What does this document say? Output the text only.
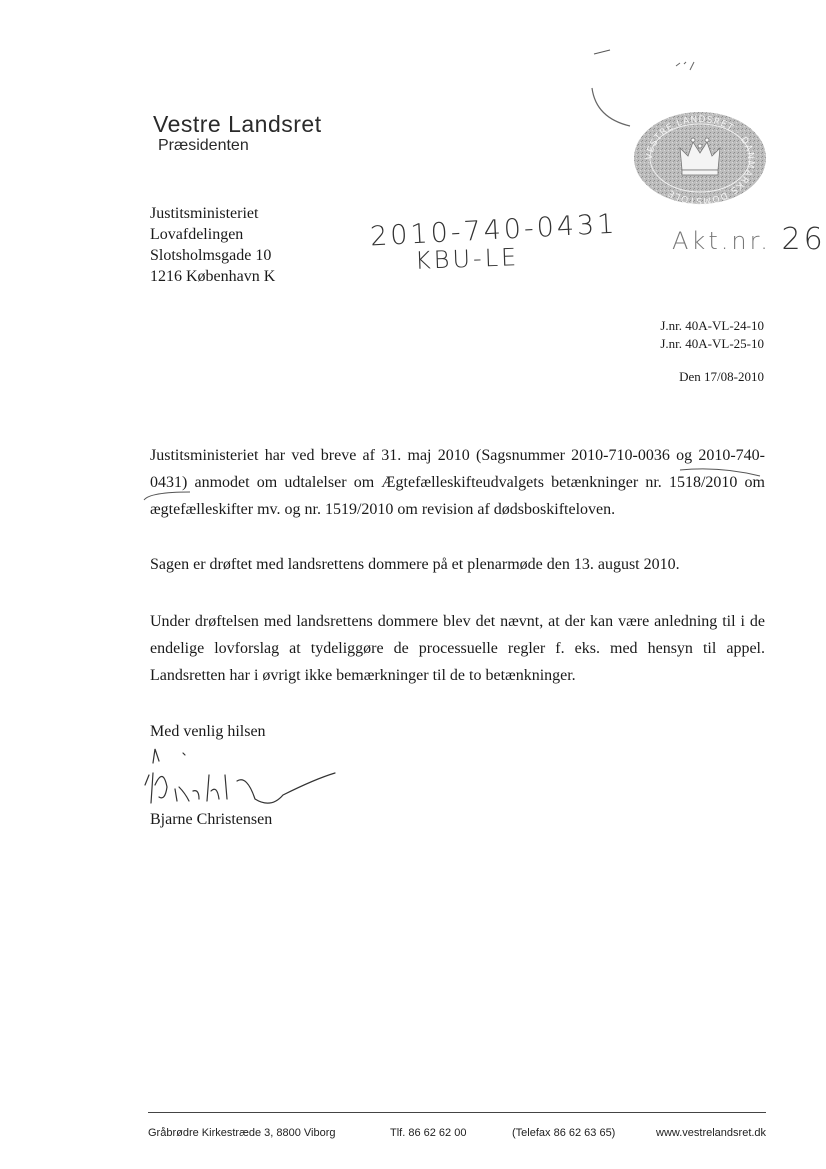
Vestre Landsret
Præsidenten
VESTRE LANDSRET · DANMARKS DOMSTOLE
Justitsministeriet
Lovafdelingen
Slotsholmsgade 10
1216 København K
2010-740-0431
KBU-LE
Akt.nr. 26
J.nr. 40A-VL-24-10
J.nr. 40A-VL-25-10
Den 17/08-2010

Justitsministeriet har ved breve af 31. maj 2010 (Sagsnummer 2010-710-0036 og 2010-740-0431) anmodet om udtalelser om Ægtefælleskifteudvalgets betænkninger nr. 1518/2010 om ægtefælleskifter mv. og nr. 1519/2010 om revision af dødsboskifteloven.

Sagen er drøftet med landsrettens dommere på et plenarmøde den 13. august 2010.

Under drøftelsen med landsrettens dommere blev det nævnt, at der kan være anledning til i de endelige lovforslag at tydeliggøre de processuelle regler f. eks. med hensyn til appel. Landsretten har i øvrigt ikke bemærkninger til de to betænkninger.

Med venlig hilsen
Bjarne Christensen
Gråbrødre Kirkestræde 3, 8800 Viborg	Tlf. 86 62 62 00	(Telefax 86 62 63 65)	www.vestrelandsret.dk
